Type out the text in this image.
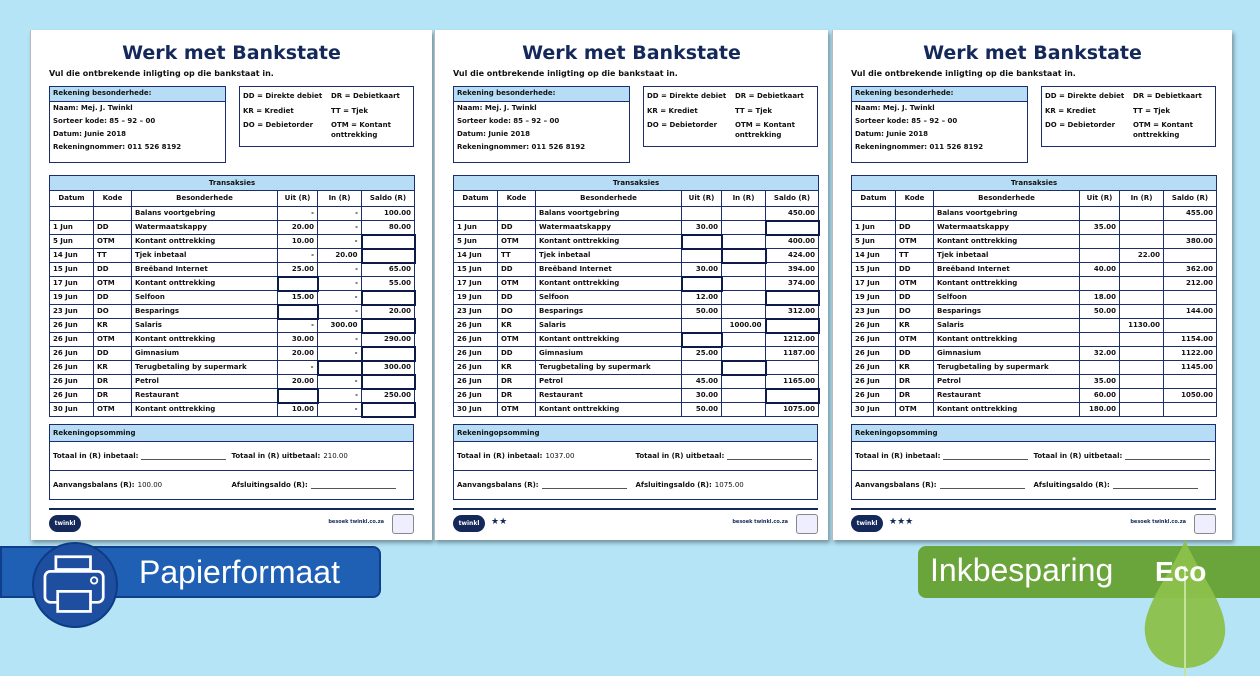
Werk met Bankstate
Vul die ontbrekende inligting op die bankstaat in.
Rekening besonderhede:
Naam: Mej. J. Twinkl
Sorteer kode: 85 – 92 – 00
Datum: Junie 2018
Rekeningnommer: 011 526 8192
DD = Direkte debiet	DR = Debietkaart
KR = Krediet	TT = Tjek
DO = Debietorder	OTM = Kontant onttrekking
Transaksies					
Datum	Kode	Besonderhede	Uit (R)	In (R)	Saldo (R)
		Balans voortgebring	-	-	100.00
1 Jun	DD	Watermaatskappy	20.00	-	80.00
5 Jun	OTM	Kontant onttrekking	10.00	-	
14 Jun	TT	Tjek inbetaal	-	20.00	
15 Jun	DD	Breëband Internet	25.00	-	65.00
17 Jun	OTM	Kontant onttrekking		-	55.00
19 Jun	DD	Selfoon	15.00	-	
23 Jun	DO	Besparings		-	20.00
26 Jun	KR	Salaris	-	300.00	
26 Jun	OTM	Kontant onttrekking	30.00	-	290.00
26 Jun	DD	Gimnasium	20.00	-	
26 Jun	KR	Terugbetaling by supermark	-		300.00
26 Jun	DR	Petrol	20.00	-	
26 Jun	DR	Restaurant		-	250.00
30 Jun	OTM	Kontant onttrekking	10.00	-	
Rekeningopsomming
Totaal in (R) inbetaal:	Totaal in (R) uitbetaal: 210.00
Aanvangsbalans (R): 100.00	Afsluitingsaldo (R):
twinkl	besoek twinkl.co.za
Werk met Bankstate
Vul die ontbrekende inligting op die bankstaat in.
Rekening besonderhede:
Naam: Mej. J. Twinkl
Sorteer kode: 85 – 92 – 00
Datum: Junie 2018
Rekeningnommer: 011 526 8192
DD = Direkte debiet	DR = Debietkaart
KR = Krediet	TT = Tjek
DO = Debietorder	OTM = Kontant onttrekking
Transaksies					
Datum	Kode	Besonderhede	Uit (R)	In (R)	Saldo (R)
		Balans voortgebring			450.00
1 Jun	DD	Watermaatskappy	30.00		
5 Jun	OTM	Kontant onttrekking			400.00
14 Jun	TT	Tjek inbetaal			424.00
15 Jun	DD	Breëband Internet	30.00		394.00
17 Jun	OTM	Kontant onttrekking			374.00
19 Jun	DD	Selfoon	12.00		
23 Jun	DO	Besparings	50.00		312.00
26 Jun	KR	Salaris		1000.00	
26 Jun	OTM	Kontant onttrekking			1212.00
26 Jun	DD	Gimnasium	25.00		1187.00
26 Jun	KR	Terugbetaling by supermark			
26 Jun	DR	Petrol	45.00		1165.00
26 Jun	DR	Restaurant	30.00		
30 Jun	OTM	Kontant onttrekking	50.00		1075.00
Rekeningopsomming
Totaal in (R) inbetaal: 1037.00	Totaal in (R) uitbetaal:
Aanvangsbalans (R):	Afsluitingsaldo (R): 1075.00
twinkl	★★	besoek twinkl.co.za
Werk met Bankstate
Vul die ontbrekende inligting op die bankstaat in.
Rekening besonderhede:
Naam: Mej. J. Twinkl
Sorteer kode: 85 – 92 – 00
Datum: Junie 2018
Rekeningnommer: 011 526 8192
DD = Direkte debiet	DR = Debietkaart
KR = Krediet	TT = Tjek
DO = Debietorder	OTM = Kontant onttrekking
Transaksies					
Datum	Kode	Besonderhede	Uit (R)	In (R)	Saldo (R)
		Balans voortgebring			455.00
1 Jun	DD	Watermaatskappy	35.00		
5 Jun	OTM	Kontant onttrekking			380.00
14 Jun	TT	Tjek inbetaal		22.00	
15 Jun	DD	Breëband Internet	40.00		362.00
17 Jun	OTM	Kontant onttrekking			212.00
19 Jun	DD	Selfoon	18.00		
23 Jun	DO	Besparings	50.00		144.00
26 Jun	KR	Salaris		1130.00	
26 Jun	OTM	Kontant onttrekking			1154.00
26 Jun	DD	Gimnasium	32.00		1122.00
26 Jun	KR	Terugbetaling by supermark			1145.00
26 Jun	DR	Petrol	35.00		
26 Jun	DR	Restaurant	60.00		1050.00
30 Jun	OTM	Kontant onttrekking	180.00		
Rekeningopsomming
Totaal in (R) inbetaal:	Totaal in (R) uitbetaal:
Aanvangsbalans (R):	Afsluitingsaldo (R):
twinkl	★★★	besoek twinkl.co.za
Papierformaat	Inkbesparing Eco
